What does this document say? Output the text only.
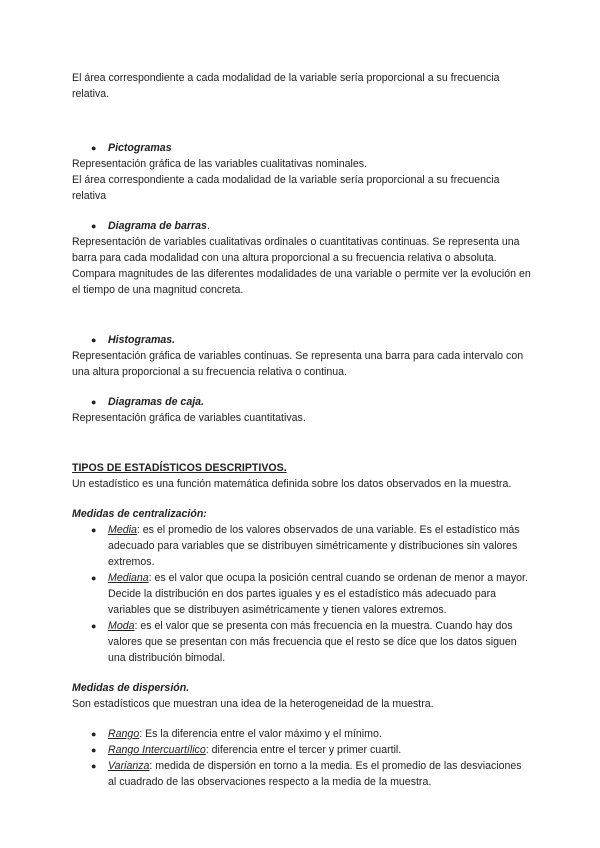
El área correspondiente a cada modalidad de la variable sería proporcional a su frecuencia relativa.

●	Pictogramas

Representación gráfica de las variables cualitativas nominales.

El área correspondiente a cada modalidad de la variable sería proporcional a su frecuencia relativa

●	Diagrama de barras .

Representación de variables cualitativas ordinales o cuantitativas continuas. Se representa una barra para cada modalidad con una altura proporcional a su frecuencia relativa o absoluta. Compara magnitudes de las diferentes modalidades de una variable o permite ver la evolución en el tiempo de una magnitud concreta.

●	Histogramas.

Representación gráfica de variables continuas. Se representa una barra para cada intervalo con una altura proporcional a su frecuencia relativa o continua.

●	Diagramas de caja.

Representación gráfica de variables cuantitativas.

TIPOS DE ESTADÍSTICOS DESCRIPTIVOS.

Un estadístico es una función matemática definida sobre los datos observados en la muestra.

Medidas de centralización:

●	Media: es el promedio de los valores observados de una variable. Es el estadístico más adecuado para variables que se distribuyen simétricamente y distribuciones sin valores extremos.
●	Mediana: es el valor que ocupa la posición central cuando se ordenan de menor a mayor. Decide la distribución en dos partes iguales y es el estadístico más adecuado para variables que se distribuyen asimétricamente y tienen valores extremos.
●	Moda: es el valor que se presenta con más frecuencia en la muestra. Cuando hay dos valores que se presentan con más frecuencia que el resto se dice que los datos siguen una distribución bimodal.

Medidas de dispersión.

Son estadísticos que muestran una idea de la heterogeneidad de la muestra.

●	Rango: Es la diferencia entre el valor máximo y el mínimo.
●	Rango Intercuartílico: diferencia entre el tercer y primer cuartil.
●	Varianza: medida de dispersión en torno a la media. Es el promedio de las desviaciones al cuadrado de las observaciones respecto a la media de la muestra.
